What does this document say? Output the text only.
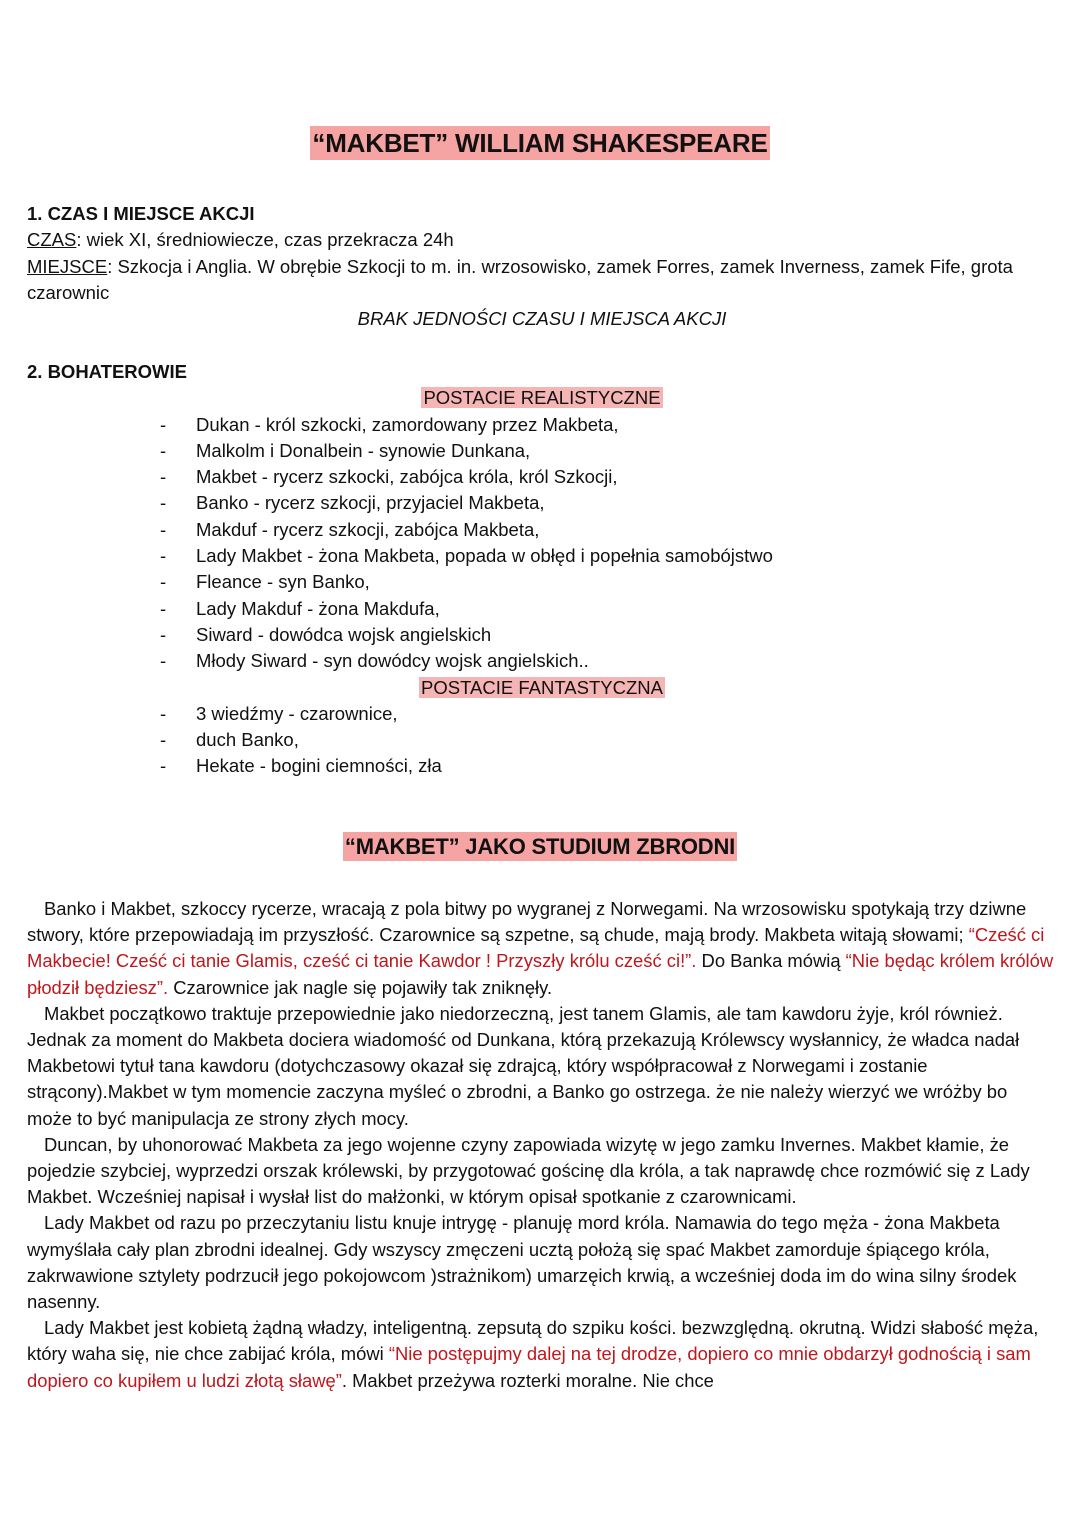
“MAKBET” WILLIAM SHAKESPEARE
1. CZAS I MIEJSCE AKCJI
CZAS: wiek XI, średniowiecze, czas przekracza 24h
MIEJSCE: Szkocja i Anglia. W obrębie Szkocji to m. in. wrzosowisko, zamek Forres, zamek Inverness, zamek Fife, grota czarownic
BRAK JEDNOŚCI CZASU I MIEJSCA AKCJI
2. BOHATEROWIE
POSTACIE REALISTYCZNE
- Dukan - król szkocki, zamordowany przez Makbeta,
- Malkolm i Donalbein - synowie Dunkana,
- Makbet - rycerz szkocki, zabójca króla, król Szkocji,
- Banko - rycerz szkocji, przyjaciel Makbeta,
- Makduf - rycerz szkocji, zabójca Makbeta,
- Lady Makbet - żona Makbeta, popada w obłęd i popełnia samobójstwo
- Fleance - syn Banko,
- Lady Makduf - żona Makdufa,
- Siward - dowódca wojsk angielskich
- Młody Siward - syn dowódcy wojsk angielskich..
POSTACIE FANTASTYCZNA
- 3 wiedźmy - czarownice,
- duch Banko,
- Hekate - bogini ciemności, zła
“MAKBET” JAKO STUDIUM ZBRODNI

Banko i Makbet, szkoccy rycerze, wracają z pola bitwy po wygranej z Norwegami. Na wrzosowisku spotykają trzy dziwne stwory, które przepowiadają im przyszłość. Czarownice są szpetne, są chude, mają brody. Makbeta witają słowami; “Cześć ci Makbecie! Cześć ci tanie Glamis, cześć ci tanie Kawdor ! Przyszły królu cześć ci!”. Do Banka mówią “Nie będąc królem królów płodził będziesz”. Czarownice jak nagle się pojawiły tak zniknęły.

Makbet początkowo traktuje przepowiednie jako niedorzeczną, jest tanem Glamis, ale tam kawdoru żyje, król również. Jednak za moment do Makbeta dociera wiadomość od Dunkana, którą przekazują Królewscy wysłannicy, że władca nadał Makbetowi tytuł tana kawdoru (dotychczasowy okazał się zdrajcą, który współpracował z Norwegami i zostanie strącony).Makbet w tym momencie zaczyna myśleć o zbrodni, a Banko go ostrzega. że nie należy wierzyć we wróżby bo może to być manipulacja ze strony złych mocy.

Duncan, by uhonorować Makbeta za jego wojenne czyny zapowiada wizytę w jego zamku Invernes. Makbet kłamie, że pojedzie szybciej, wyprzedzi orszak królewski, by przygotować gościnę dla króla, a tak naprawdę chce rozmówić się z Lady Makbet. Wcześniej napisał i wysłał list do małżonki, w którym opisał spotkanie z czarownicami.

Lady Makbet od razu po przeczytaniu listu knuje intrygę - planuję mord króla. Namawia do tego męża - żona Makbeta wymyślała cały plan zbrodni idealnej. Gdy wszyscy zmęczeni ucztą położą się spać Makbet zamorduje śpiącego króla, zakrwawione sztylety podrzucił jego pokojowcom )strażnikom) umarzęich krwią, a wcześniej doda im do wina silny środek nasenny.

Lady Makbet jest kobietą żądną władzy, inteligentną. zepsutą do szpiku kości. bezwzględną. okrutną. Widzi słabość męża, który waha się, nie chce zabijać króla, mówi “Nie postępujmy dalej na tej drodze, dopiero co mnie obdarzył godnością i sam dopiero co kupiłem u ludzi złotą sławę”. Makbet przeżywa rozterki moralne. Nie chce
